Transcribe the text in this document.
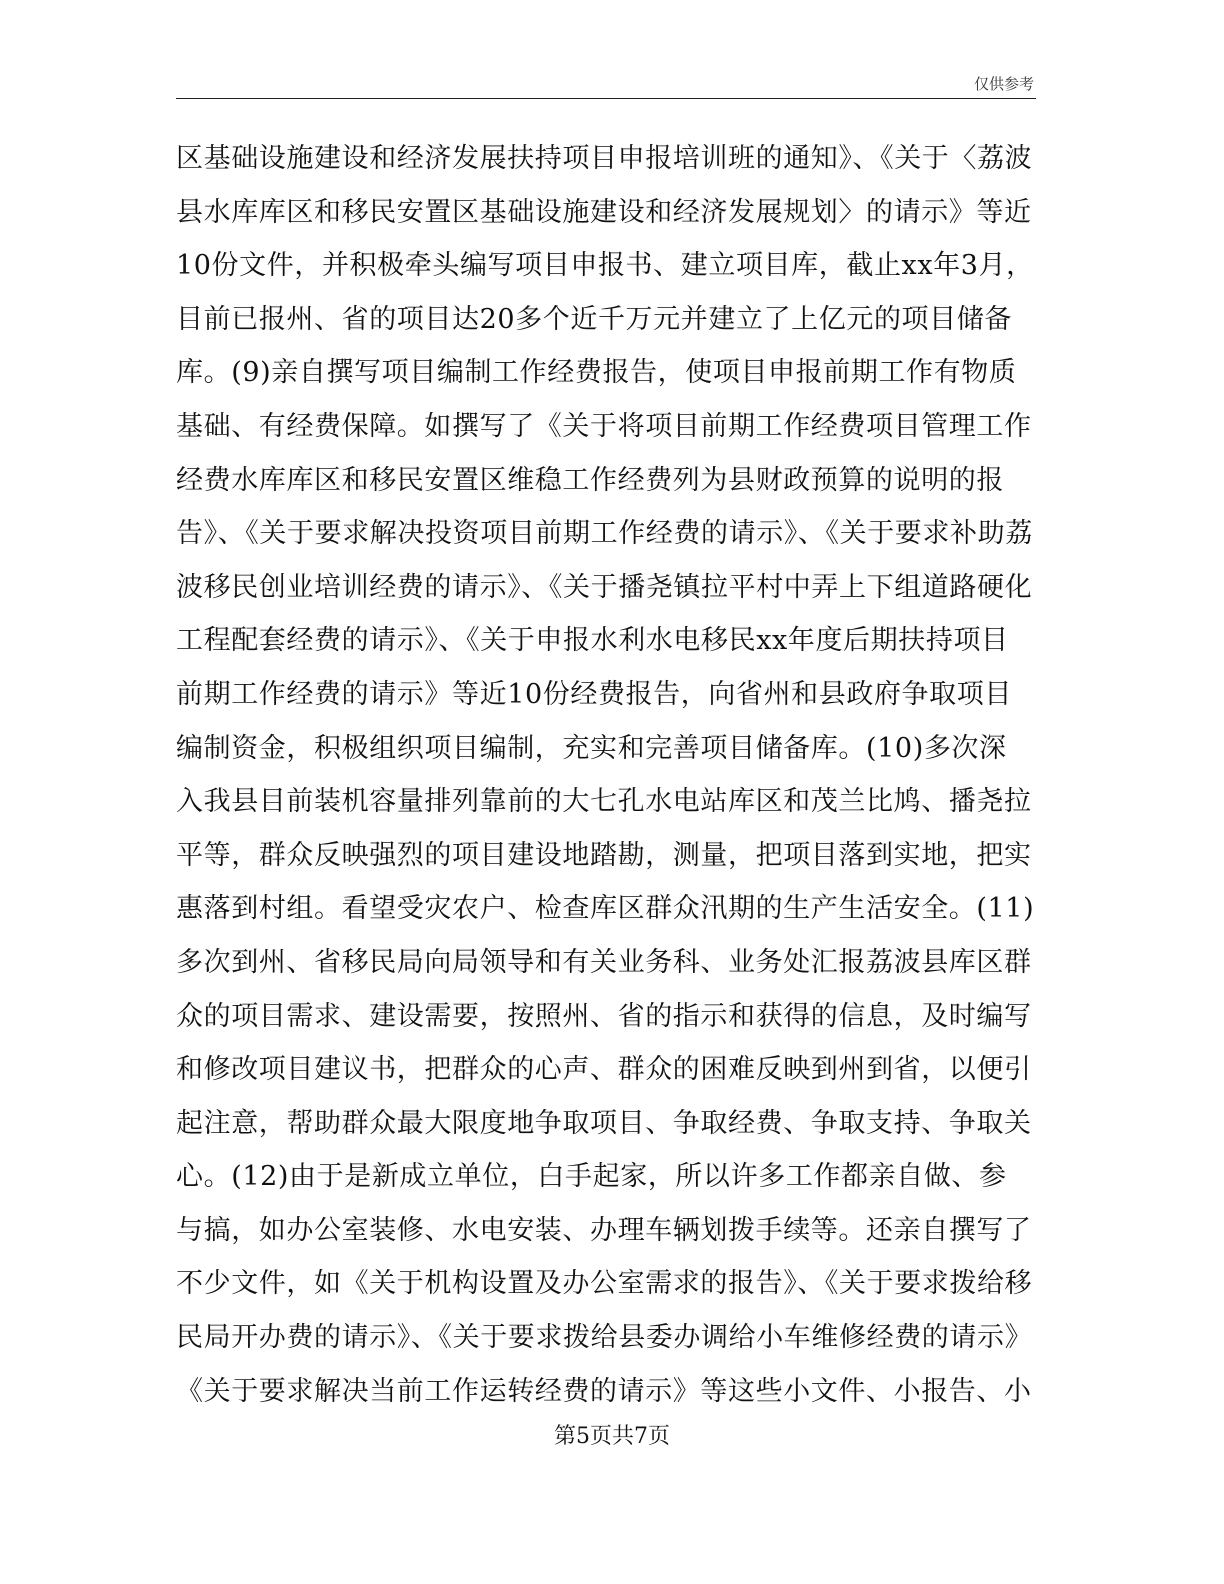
仅供参考
区基础设施建设和经济发展扶持项目申报培训班的通知》、《关于〈荔波
县水库库区和移民安置区基础设施建设和经济发展规划〉的请示》等近
10份文件，并积极牵头编写项目申报书、建立项目库，截止xx年3月，
目前已报州、省的项目达20多个近千万元并建立了上亿元的项目储备
库。(9)亲自撰写项目编制工作经费报告，使项目申报前期工作有物质
基础、有经费保障。如撰写了《关于将项目前期工作经费项目管理工作
经费水库库区和移民安置区维稳工作经费列为县财政预算的说明的报
告》、《关于要求解决投资项目前期工作经费的请示》、《关于要求补助荔
波移民创业培训经费的请示》、《关于播尧镇拉平村中弄上下组道路硬化
工程配套经费的请示》、《关于申报水利水电移民xx年度后期扶持项目
前期工作经费的请示》等近10份经费报告，向省州和县政府争取项目
编制资金，积极组织项目编制，充实和完善项目储备库。(10)多次深
入我县目前装机容量排列靠前的大七孔水电站库区和茂兰比鸠、播尧拉
平等，群众反映强烈的项目建设地踏勘，测量，把项目落到实地，把实
惠落到村组。看望受灾农户、检查库区群众汛期的生产生活安全。(11)
多次到州、省移民局向局领导和有关业务科、业务处汇报荔波县库区群
众的项目需求、建设需要，按照州、省的指示和获得的信息，及时编写
和修改项目建议书，把群众的心声、群众的困难反映到州到省，以便引
起注意，帮助群众最大限度地争取项目、争取经费、争取支持、争取关
心。(12)由于是新成立单位，白手起家，所以许多工作都亲自做、参
与搞，如办公室装修、水电安装、办理车辆划拨手续等。还亲自撰写了
不少文件，如《关于机构设置及办公室需求的报告》、《关于要求拨给移
民局开办费的请示》、《关于要求拨给县委办调给小车维修经费的请示》
《关于要求解决当前工作运转经费的请示》等这些小文件、小报告、小
第5页共7页
